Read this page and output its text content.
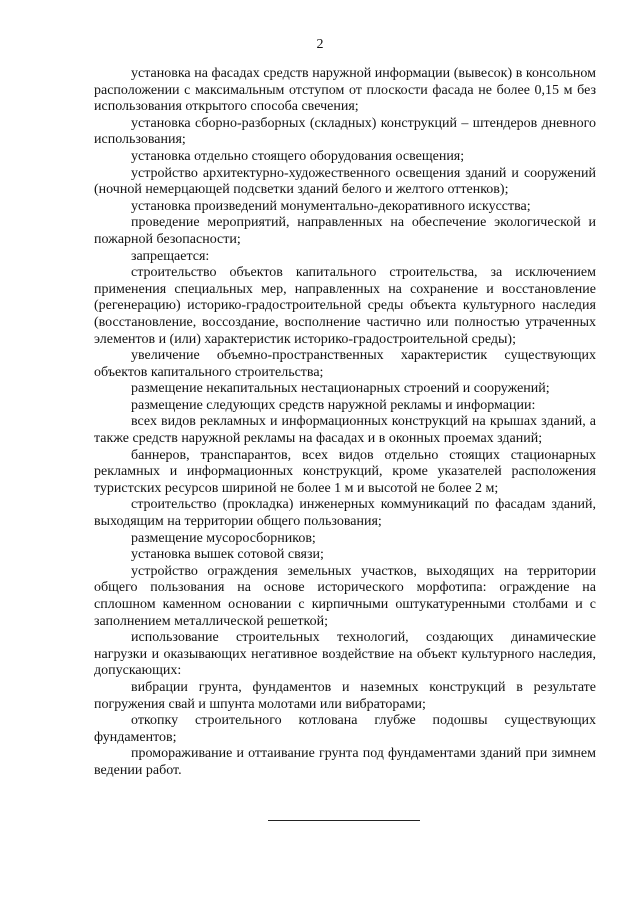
2

установка на фасадах средств наружной информации (вывесок) в консольном расположении с максимальным отступом от плоскости фасада не более 0,15 м без использования открытого способа свечения;

установка сборно-разборных (складных) конструкций – штендеров дневного использования;

установка отдельно стоящего оборудования освещения;

устройство архитектурно-художественного освещения зданий и сооружений (ночной немерцающей подсветки зданий белого и желтого оттенков);

установка произведений монументально-декоративного искусства;

проведение мероприятий, направленных на обеспечение экологической и пожарной безопасности;

запрещается:

строительство объектов капитального строительства, за исключением применения специальных мер, направленных на сохранение и восстановление (регенерацию) историко-градостроительной среды объекта культурного наследия (восстановление, воссоздание, восполнение частично или полностью утраченных элементов и (или) характеристик историко-градостроительной среды);

увеличение объемно-пространственных характеристик существующих объектов капитального строительства;

размещение некапитальных нестационарных строений и сооружений;

размещение следующих средств наружной рекламы и информации:

всех видов рекламных и информационных конструкций на крышах зданий, а также средств наружной рекламы на фасадах и в оконных проемах зданий;

баннеров, транспарантов, всех видов отдельно стоящих стационарных рекламных и информационных конструкций, кроме указателей расположения туристских ресурсов шириной не более 1 м и высотой не более 2 м;

строительство (прокладка) инженерных коммуникаций по фасадам зданий, выходящим на территории общего пользования;

размещение мусоросборников;

установка вышек сотовой связи;

устройство ограждения земельных участков, выходящих на территории общего пользования на основе исторического морфотипа: ограждение на сплошном каменном основании с кирпичными оштукатуренными столбами и с заполнением металлической решеткой;

использование строительных технологий, создающих динамические нагрузки и оказывающих негативное воздействие на объект культурного наследия, допускающих:

вибрации грунта, фундаментов и наземных конструкций в результате погружения свай и шпунта молотами или вибраторами;

откопку строительного котлована глубже подошвы существующих фундаментов;

промораживание и оттаивание грунта под фундаментами зданий при зимнем ведении работ.
